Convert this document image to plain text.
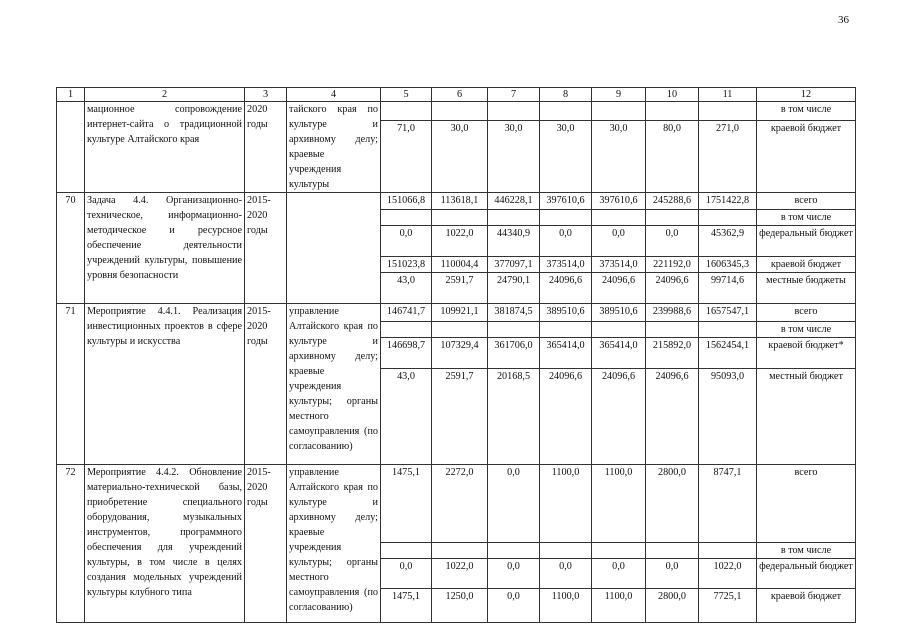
36
1	2	3	4	5	6	7	8	9	10	11	12
	мационное сопровождение интернет-сайта о традиционной культуре Алтайского края	2020 годы	тайского края по культуре и архивному делу; краевые учреждения культуры								в том числе
				71,0	30,0	30,0	30,0	30,0	80,0	271,0	краевой бюджет
70	Задача 4.4. Организационно-техническое, информационно-методическое и ресурсное обеспечение деятельности учреждений культуры, повышение уровня безопасности	2015-2020 годы		151066,8	113618,1	446228,1	397610,6	397610,6	245288,6	1751422,8	всего
											в том числе
				0,0	1022,0	44340,9	0,0	0,0	0,0	45362,9	федеральный бюджет
				151023,8	110004,4	377097,1	373514,0	373514,0	221192,0	1606345,3	краевой бюджет
				43,0	2591,7	24790,1	24096,6	24096,6	24096,6	99714,6	местные бюджеты
71	Мероприятие 4.4.1. Реализация инвестиционных проектов в сфере культуры и искусства	2015-2020 годы	управление Алтайского края по культуре и архивному делу; краевые учреждения культуры; органы местного самоуправления (по согласованию)	146741,7	109921,1	381874,5	389510,6	389510,6	239988,6	1657547,1	всего
											в том числе
				146698,7	107329,4	361706,0	365414,0	365414,0	215892,0	1562454,1	краевой бюджет*
				43,0	2591,7	20168,5	24096,6	24096,6	24096,6	95093,0	местный бюджет
72	Мероприятие 4.4.2. Обновление материально-технической базы, приобретение специального оборудования, музыкальных инструментов, программного обеспечения для учреждений культуры, в том числе в целях создания модельных учреждений культуры клубного типа	2015-2020 годы	управление Алтайского края по культуре и архивному делу; краевые учреждения культуры; органы местного самоуправления (по согласованию)	1475,1	2272,0	0,0	1100,0	1100,0	2800,0	8747,1	всего
											в том числе
				0,0	1022,0	0,0	0,0	0,0	0,0	1022,0	федеральный бюджет
				1475,1	1250,0	0,0	1100,0	1100,0	2800,0	7725,1	краевой бюджет
